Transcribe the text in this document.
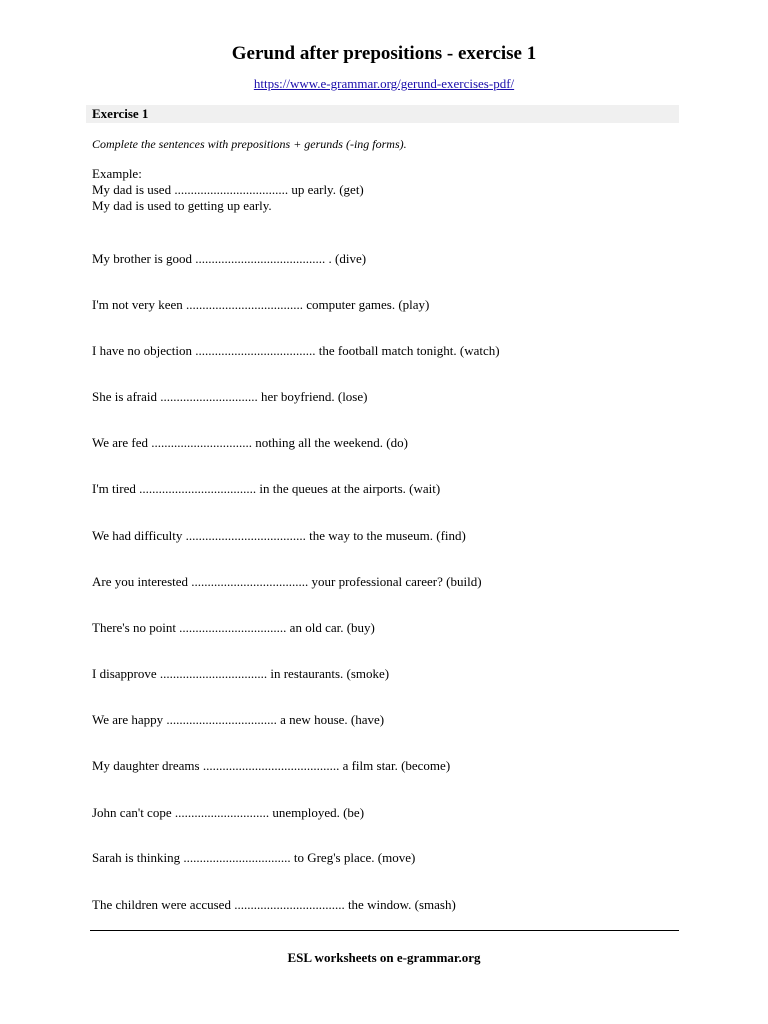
Gerund after prepositions - exercise 1
https://www.e-grammar.org/gerund-exercises-pdf/
Exercise 1
Complete the sentences with prepositions + gerunds (-ing forms).
Example:
My dad is used ................................... up early. (get)
My dad is used to getting up early.
My brother is good ........................................ . (dive)
I'm not very keen .................................... computer games. (play)
I have no objection ..................................... the football match tonight. (watch)
She is afraid .............................. her boyfriend. (lose)
We are fed ............................... nothing all the weekend. (do)
I'm tired .................................... in the queues at the airports. (wait)
We had difficulty ..................................... the way to the museum. (find)
Are you interested .................................... your professional career? (build)
There's no point ................................. an old car. (buy)
I disapprove ................................. in restaurants. (smoke)
We are happy .................................. a new house. (have)
My daughter dreams .......................................... a film star. (become)
John can't cope ............................. unemployed. (be)
Sarah is thinking ................................. to Greg's place. (move)
The children were accused .................................. the window. (smash)
ESL worksheets on e-grammar.org
